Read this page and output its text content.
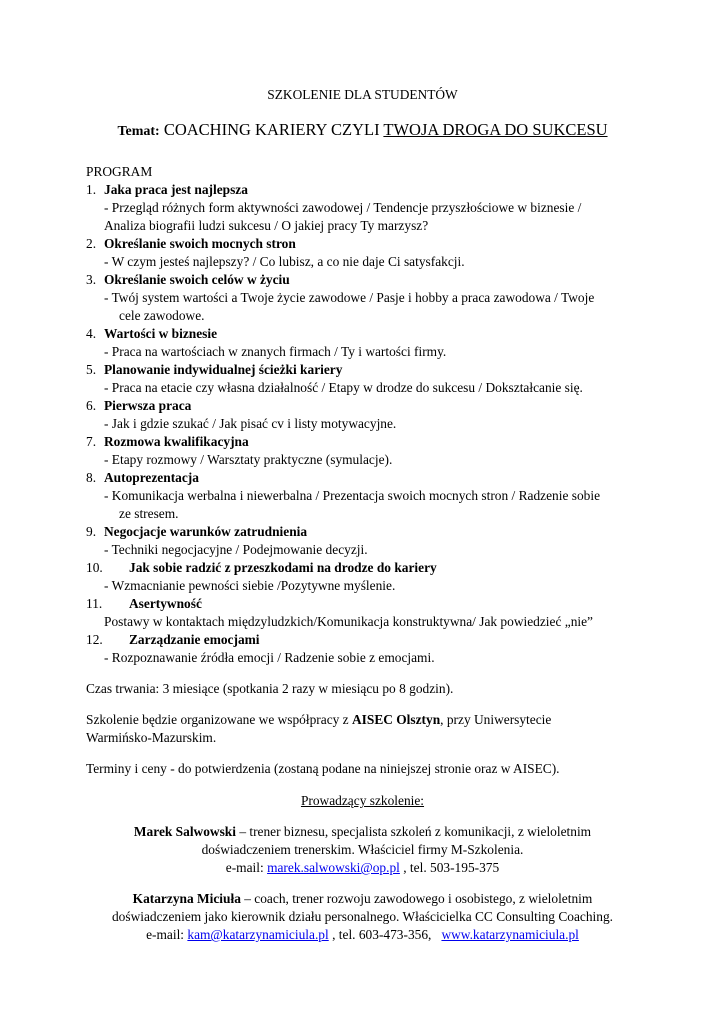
SZKOLENIE DLA STUDENTÓW
Temat: COACHING KARIERY CZYLI TWOJA DROGA DO SUKCESU
PROGRAM
1. Jaka praca jest najlepsza
- Przegląd różnych form aktywności zawodowej / Tendencje przyszłościowe w biznesie /
Analiza biografii ludzi sukcesu / O jakiej pracy Ty marzysz?
2. Określanie swoich mocnych stron
- W czym jesteś najlepszy? / Co lubisz, a co nie daje Ci satysfakcji.
3. Określanie swoich celów w życiu
- Twój system wartości a Twoje życie zawodowe / Pasje i hobby a praca zawodowa / Twoje
cele zawodowe.
4. Wartości w biznesie
- Praca na wartościach w znanych firmach / Ty i wartości firmy.
5. Planowanie indywidualnej ścieżki kariery
- Praca na etacie czy własna działalność / Etapy w drodze do sukcesu / Dokształcanie się.
6. Pierwsza praca
- Jak i gdzie szukać / Jak pisać cv i listy motywacyjne.
7. Rozmowa kwalifikacyjna
- Etapy rozmowy / Warsztaty praktyczne (symulacje).
8. Autoprezentacja
- Komunikacja werbalna i niewerbalna / Prezentacja swoich mocnych stron / Radzenie sobie
ze stresem.
9. Negocjacje warunków zatrudnienia
- Techniki negocjacyjne / Podejmowanie decyzji.
10. Jak sobie radzić z przeszkodami na drodze do kariery
- Wzmacnianie pewności siebie /Pozytywne myślenie.
11. Asertywność
Postawy w kontaktach międzyludzkich/Komunikacja konstruktywna/ Jak powiedzieć „nie”
12. Zarządzanie emocjami
- Rozpoznawanie źródła emocji / Radzenie sobie z emocjami.
Czas trwania: 3 miesiące (spotkania 2 razy w miesiącu po 8 godzin).
Szkolenie będzie organizowane we współpracy z AISEC Olsztyn, przy Uniwersytecie
Warmińsko-Mazurskim.
Terminy i ceny - do potwierdzenia (zostaną podane na niniejszej stronie oraz w AISEC).
Prowadzący szkolenie:
Marek Salwowski – trener biznesu, specjalista szkoleń z komunikacji, z wieloletnim
doświadczeniem trenerskim. Właściciel firmy M-Szkolenia.
e-mail: marek.salwowski@op.pl , tel. 503-195-375
Katarzyna Miciuła – coach, trener rozwoju zawodowego i osobistego, z wieloletnim
doświadczeniem jako kierownik działu personalnego. Właścicielka CC Consulting Coaching.
e-mail: kam@katarzynamiciula.pl , tel. 603-473-356,   www.katarzynamiciula.pl
